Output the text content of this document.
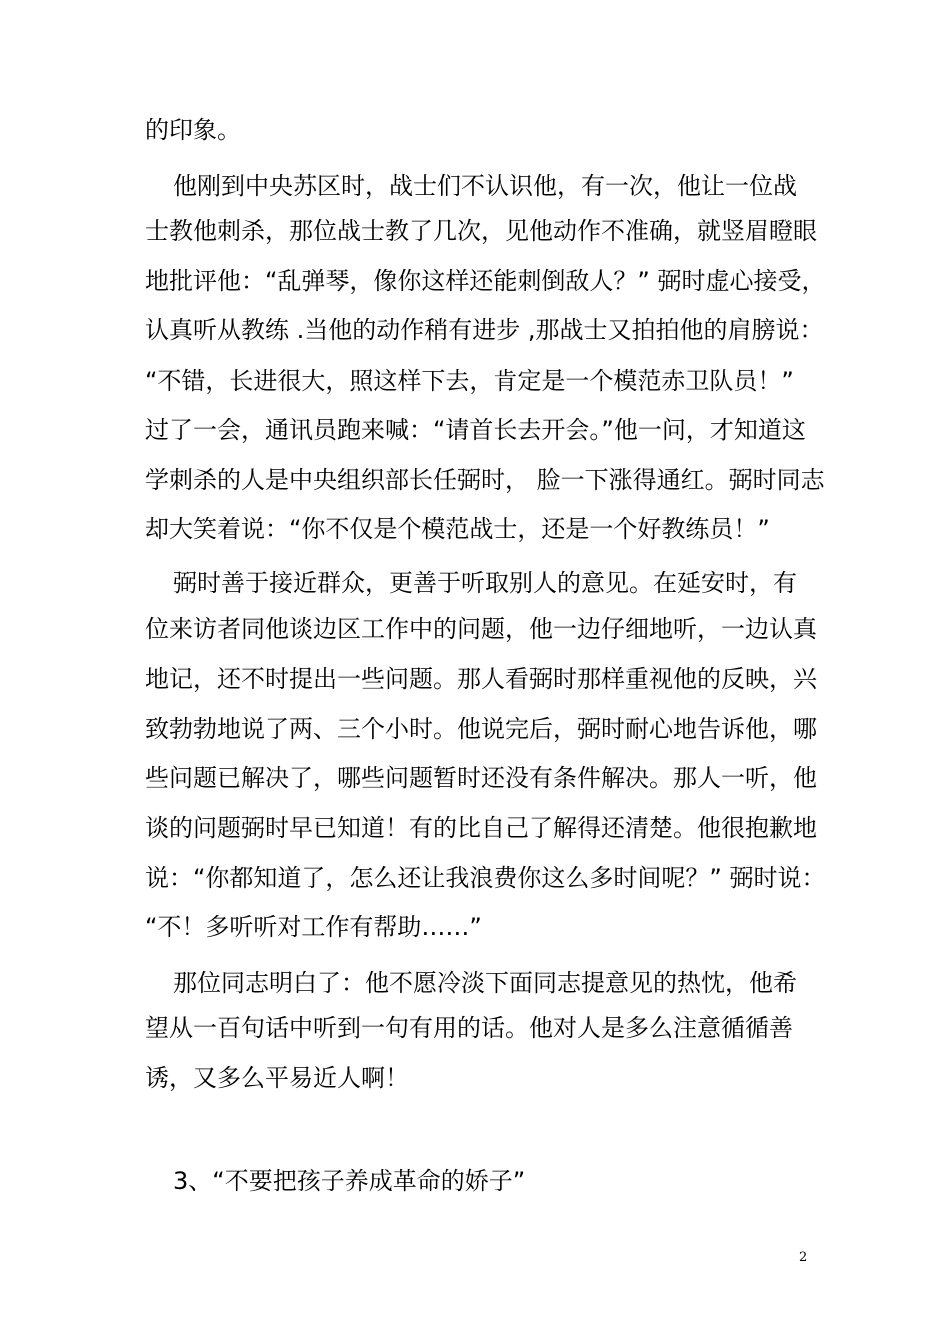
的印象。

他刚到中央苏区时，战士们不认识他，有一次，他让一位战

士教他刺杀，那位战士教了几次，见他动作不准确，就竖眉瞪眼

地批评他：“乱弹琴，像你这样还能刺倒敌人？” 弼时虚心接受，

认真听从教练 .当他的动作稍有进步 ,那战士又拍拍他的肩膀说：

“不错，长进很大，照这样下去，肯定是一个模范赤卫队员！”

过了一会，通讯员跑来喊：“请首长去开会。”他一问，才知道这

学刺杀的人是中央组织部长任弼时， 脸一下涨得通红。弼时同志

却大笑着说：“你不仅是个模范战士，还是一个好教练员！”

弼时善于接近群众，更善于听取别人的意见。在延安时，有

位来访者同他谈边区工作中的问题，他一边仔细地听，一边认真

地记，还不时提出一些问题。那人看弼时那样重视他的反映，兴

致勃勃地说了两、三个小时。他说完后，弼时耐心地告诉他，哪

些问题已解决了，哪些问题暂时还没有条件解决。那人一听，他

谈的问题弼时早已知道！有的比自己了解得还清楚。他很抱歉地

说：“你都知道了，怎么还让我浪费你这么多时间呢？” 弼时说：

“不！多听听对工作有帮助……”

那位同志明白了：他不愿冷淡下面同志提意见的热忱，他希

望从一百句话中听到一句有用的话。他对人是多么注意循循善

诱，又多么平易近人啊！

3、“不要把孩子养成革命的娇子”

2
